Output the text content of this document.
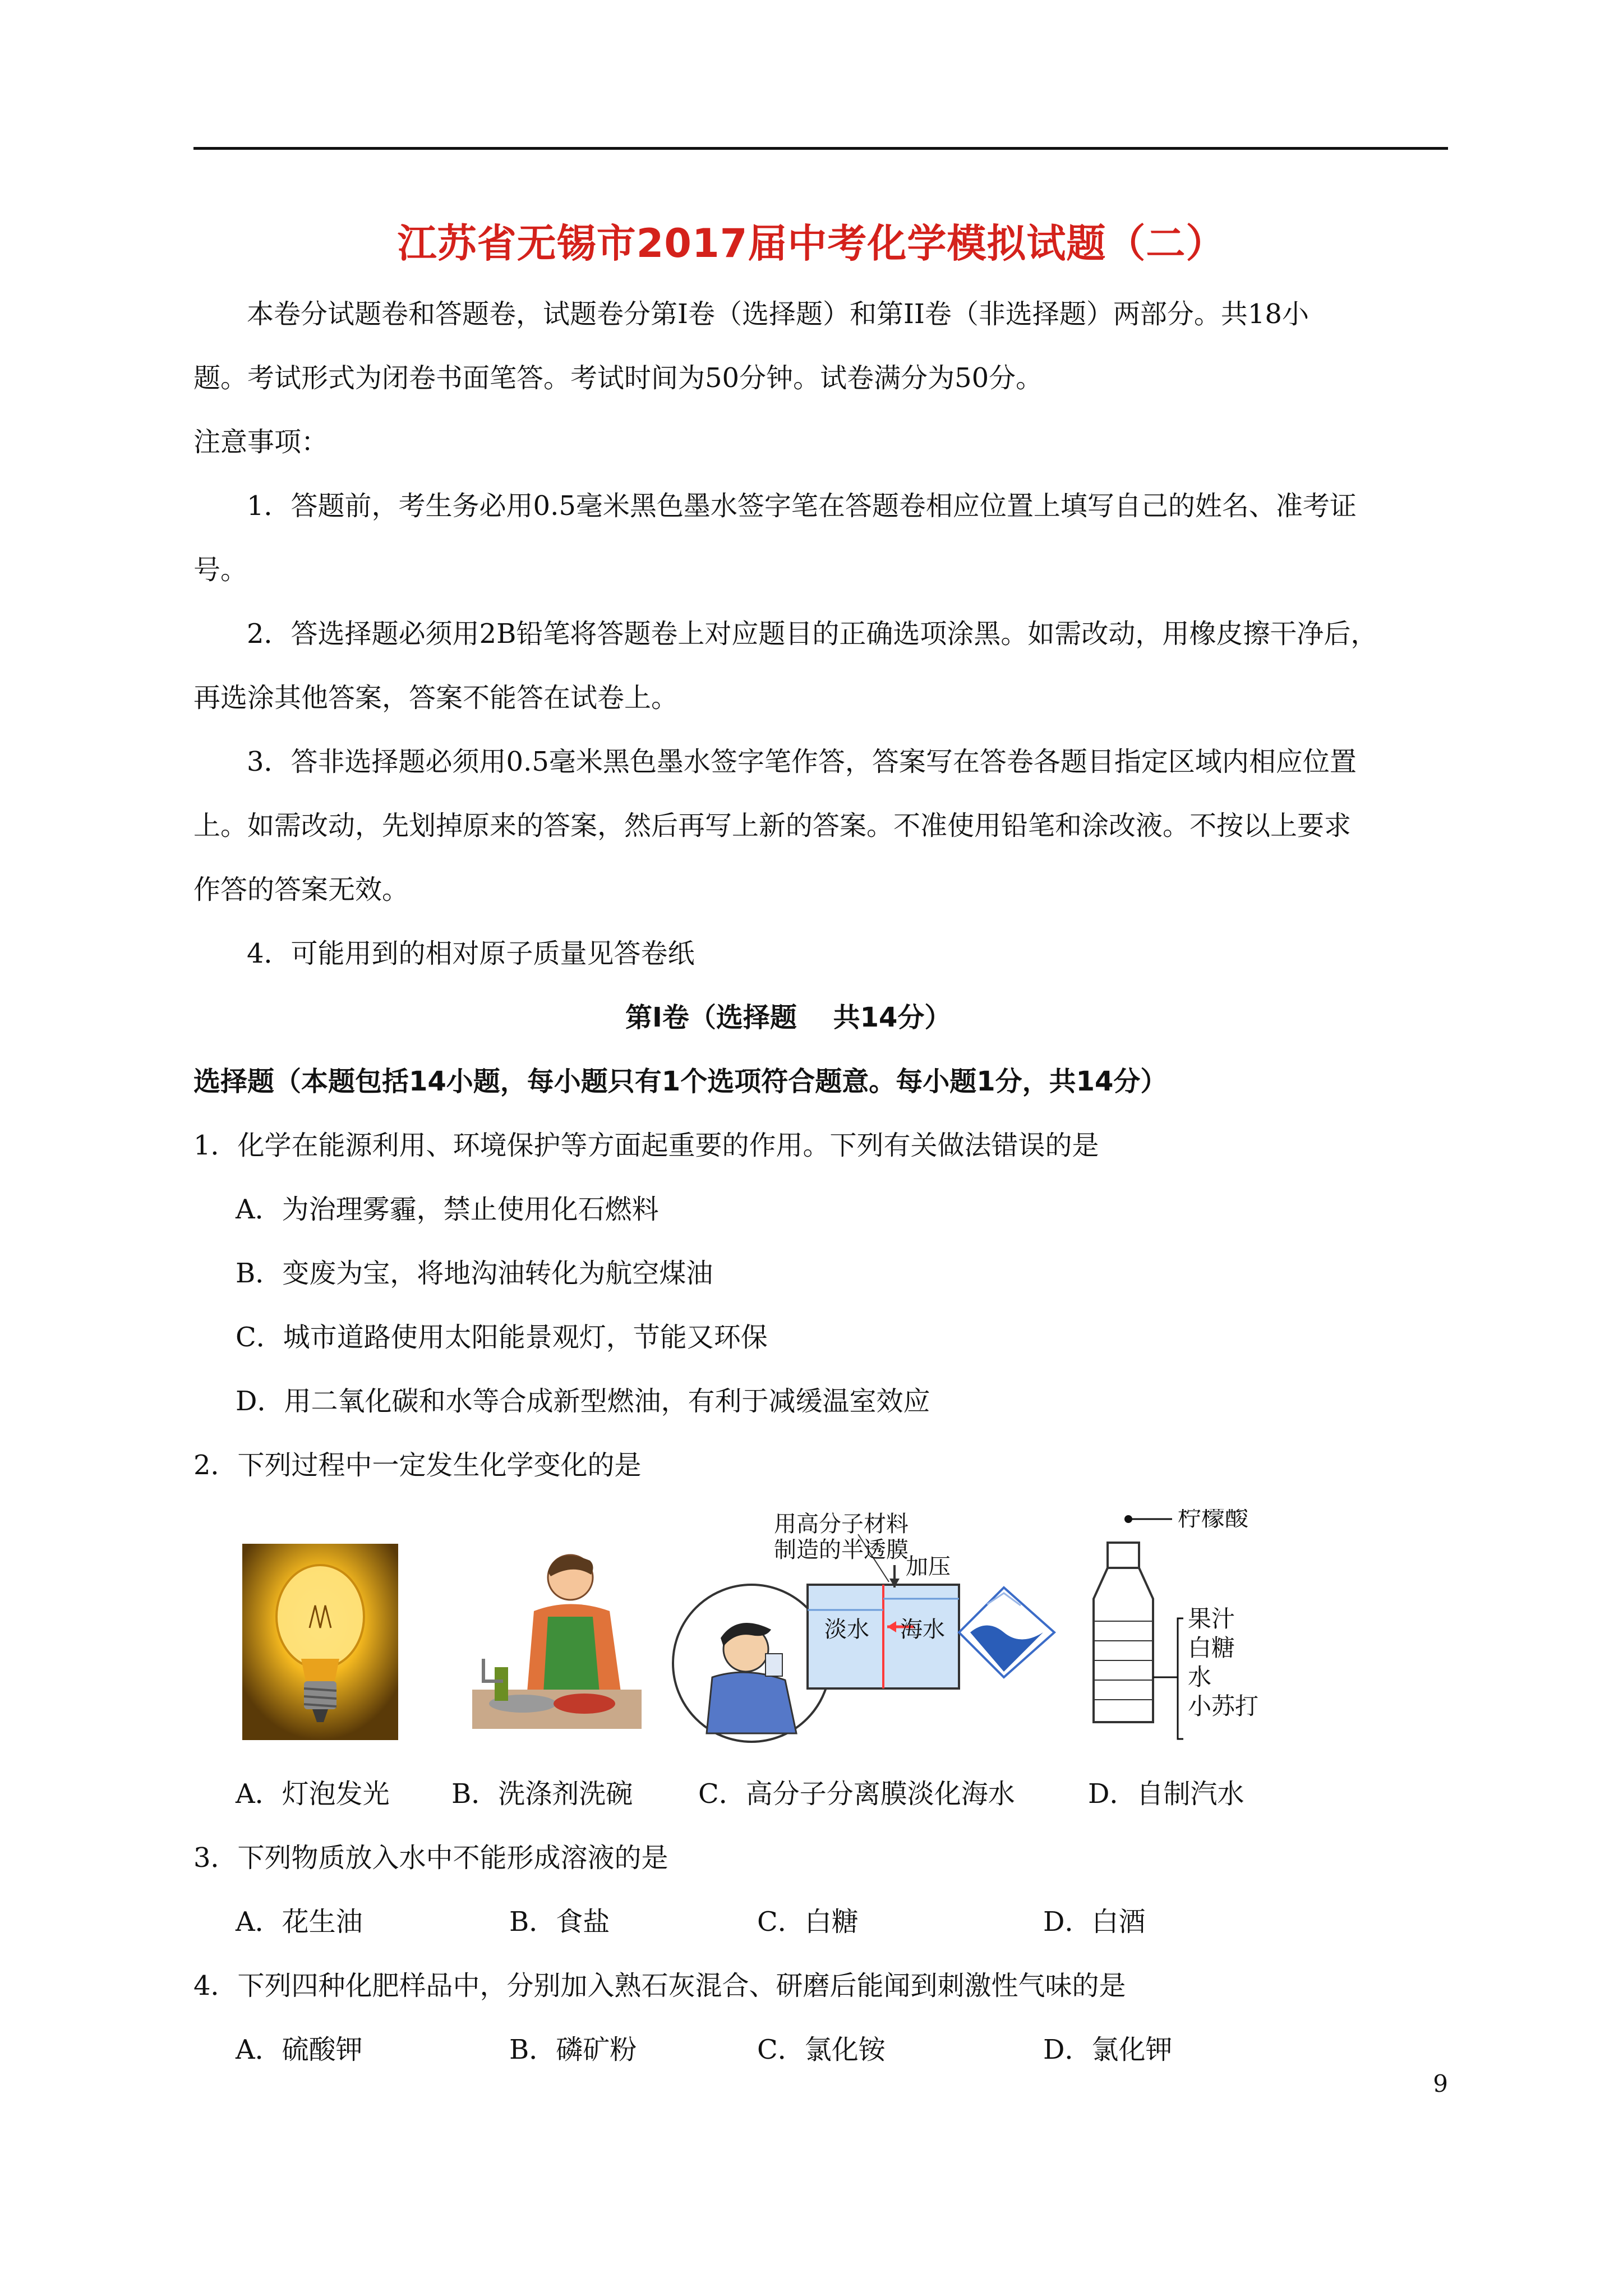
江苏省无锡市2017届中考化学模拟试题（二）
本卷分试题卷和答题卷，试题卷分第Ⅰ卷（选择题）和第II卷（非选择题）两部分。共18小
题。考试形式为闭卷书面笔答。考试时间为50分钟。试卷满分为50分。
注意事项：
1．答题前，考生务必用0.5毫米黑色墨水签字笔在答题卷相应位置上填写自己的姓名、准考证
号。
2．答选择题必须用2B铅笔将答题卷上对应题目的正确选项涂黑。如需改动，用橡皮擦干净后，
再选涂其他答案，答案不能答在试卷上。
3．答非选择题必须用0.5毫米黑色墨水签字笔作答，答案写在答卷各题目指定区域内相应位置
上。如需改动，先划掉原来的答案，然后再写上新的答案。不准使用铅笔和涂改液。不按以上要求
作答的答案无效。
4．可能用到的相对原子质量见答卷纸
第Ⅰ卷（选择题　 共14分）
选择题（本题包括14小题，每小题只有1个选项符合题意。每小题1分，共14分）
1．化学在能源利用、环境保护等方面起重要的作用。下列有关做法错误的是
A．为治理雾霾，禁止使用化石燃料
B．变废为宝，将地沟油转化为航空煤油
C．城市道路使用太阳能景观灯，节能又环保
D．用二氧化碳和水等合成新型燃油，有利于减缓温室效应
2．下列过程中一定发生化学变化的是
用高分子材料
制造的半透膜
加压
淡水 海水
柠檬酸
果汁
白糖
水
小苏打
A．灯泡发光 B．洗涤剂洗碗 C．高分子分离膜淡化海水	D．自制汽水
3．下列物质放入水中不能形成溶液的是
A．花生油	B．食盐	C．白糖	D．白酒
4．下列四种化肥样品中，分别加入熟石灰混合、研磨后能闻到刺激性气味的是
A．硫酸钾	B．磷矿粉	C．氯化铵	D．氯化钾
9
